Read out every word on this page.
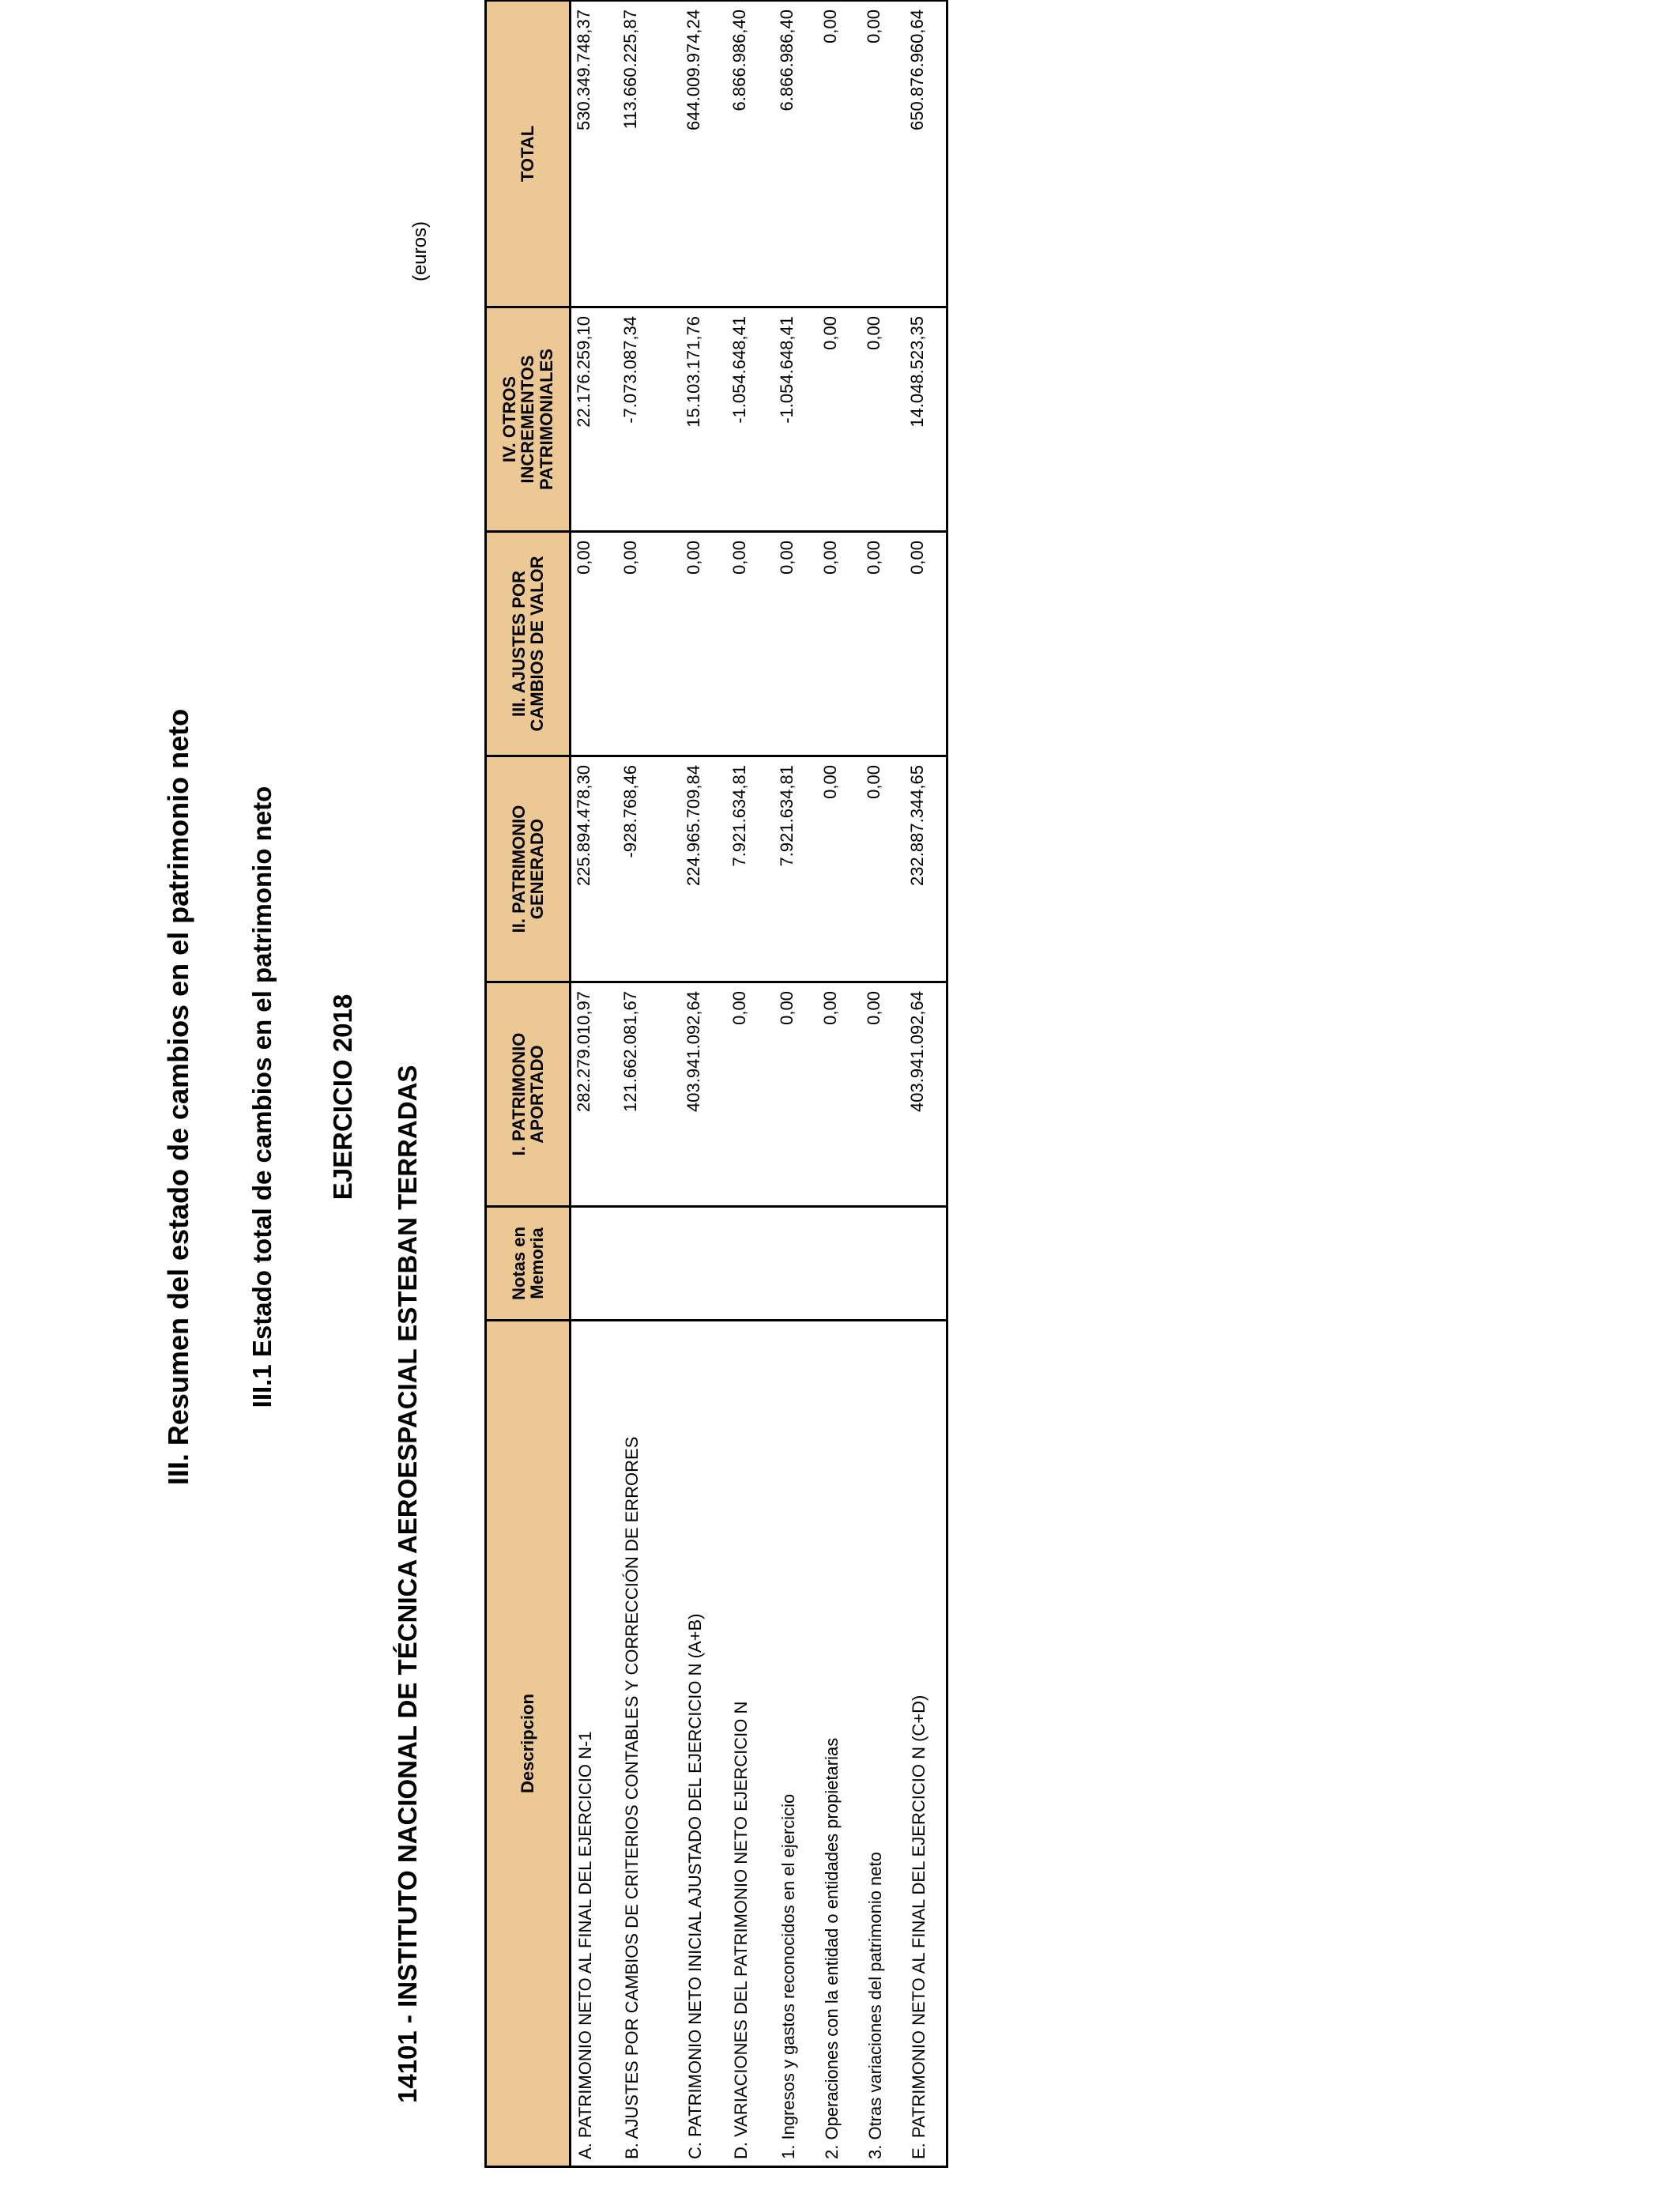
III. Resumen del estado de cambios en el patrimonio neto III.1 Estado total de cambios en el patrimonio neto EJERCICIO 2018 14101 - INSTITUTO NACIONAL DE TÉCNICA AEROESPACIAL ESTEBAN TERRADAS
(euros)
Descripcion	Notas en Memoria	I. PATRIMONIO APORTADO	II. PATRIMONIO GENERADO	III. AJUSTES POR CAMBIOS DE VALOR	IV. OTROS INCREMENTOS PATRIMONIALES	TOTAL
A. PATRIMONIO NETO AL FINAL DEL EJERCICIO N-1		282.279.010,97	225.894.478,30	0,00	22.176.259,10	530.349.748,37
B. AJUSTES POR CAMBIOS DE CRITERIOS CONTABLES Y CORRECCIÓN DE ERRORES		121.662.081,67	-928.768,46	0,00	-7.073.087,34	113.660.225,87
C. PATRIMONIO NETO INICIAL AJUSTADO DEL EJERCICIO N (A+B)		403.941.092,64	224.965.709,84	0,00	15.103.171,76	644.009.974,24
D. VARIACIONES DEL PATRIMONIO NETO EJERCICIO N		0,00	7.921.634,81	0,00	-1.054.648,41	6.866.986,40
1. Ingresos y gastos reconocidos en el ejercicio		0,00	7.921.634,81	0,00	-1.054.648,41	6.866.986,40
2. Operaciones con la entidad o entidades propietarias		0,00	0,00	0,00	0,00	0,00
3. Otras variaciones del patrimonio neto		0,00	0,00	0,00	0,00	0,00
E. PATRIMONIO NETO AL FINAL DEL EJERCICIO N (C+D)		403.941.092,64	232.887.344,65	0,00	14.048.523,35	650.876.960,64
